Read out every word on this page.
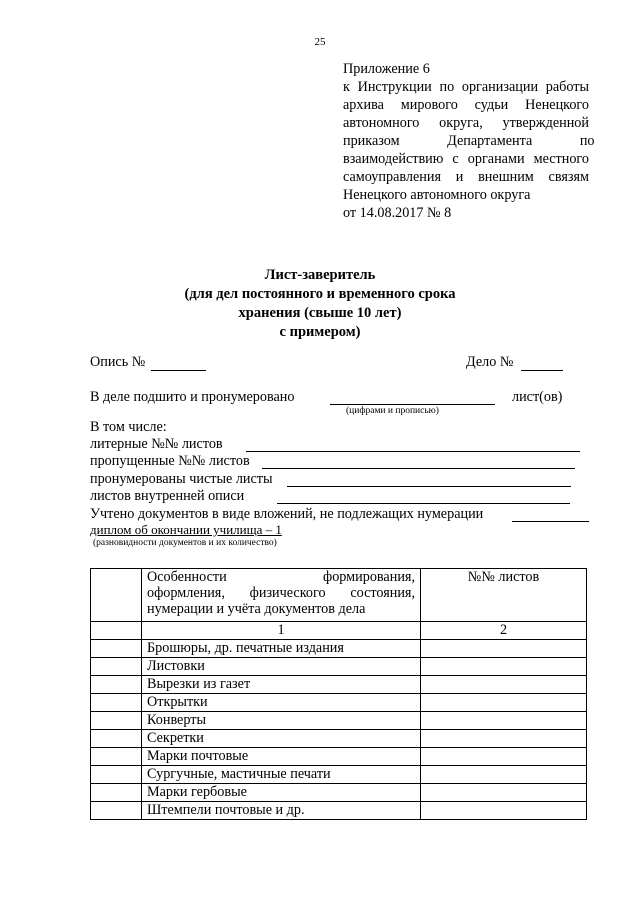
25
Приложение 6
к Инструкции по организации работы
архива мирового судьи Ненецкого
автономного округа, утвержденной
приказом Департамента по
взаимодействию с органами местного
самоуправления и внешним связям
Ненецкого автономного округа
от 14.08.2017 № 8
Лист-заверитель
(для дел постоянного и временного срока
хранения (свыше 10 лет)
с примером)
Опись №	Дело №
В деле подшито и пронумеровано
(цифрами и прописью)
лист(ов)
В том числе:
литерные №№ листов
пропущенные №№ листов
пронумерованы чистые листы
листов внутренней описи
Учтено документов в виде вложений, не подлежащих нумерации
диплом об окончании училища – 1
(разновидности документов и их количество)

	Особенности формирования,
оформления, физического состояния,
нумерации и учёта документов дела	№№ листов
	1	2
	Брошюры, др. печатные издания	
	Листовки	
	Вырезки из газет	
	Открытки	
	Конверты	
	Секретки	
	Марки почтовые	
	Сургучные, мастичные печати	
	Марки гербовые	
	Штемпели почтовые и др.	
